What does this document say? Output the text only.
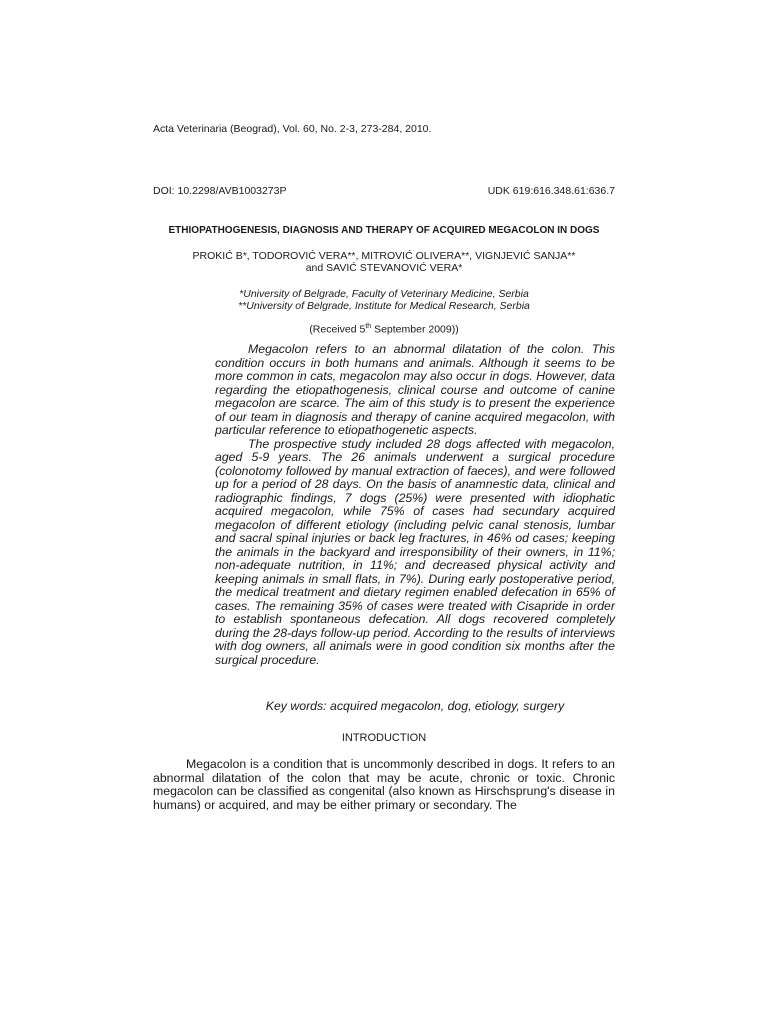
Acta Veterinaria (Beograd), Vol. 60, No. 2-3, 273-284, 2010.
DOI: 10.2298/AVB1003273P	UDK 619:616.348.61:636.7
ETHIOPATHOGENESIS, DIAGNOSIS AND THERAPY OF ACQUIRED MEGACOLON IN DOGS
PROKIĆ B*, TODOROVIĆ VERA**, MITROVIĆ OLIVERA**, VIGNJEVIĆ SANJA**
and SAVIĆ STEVANOVIĆ VERA*
*University of Belgrade, Faculty of Veterinary Medicine, Serbia
**University of Belgrade, Institute for Medical Research, Serbia
(Received 5th September 2009))

Megacolon refers to an abnormal dilatation of the colon. This condition occurs in both humans and animals. Although it seems to be more common in cats, megacolon may also occur in dogs. However, data regarding the etiopathogenesis, clinical course and outcome of canine megacolon are scarce. The aim of this study is to present the experience of our team in diagnosis and therapy of canine acquired megacolon, with particular reference to etiopathogenetic aspects.

The prospective study included 28 dogs affected with megacolon, aged 5-9 years. The 26 animals underwent a surgical procedure (colonotomy followed by manual extraction of faeces), and were followed up for a period of 28 days. On the basis of anamnestic data, clinical and radiographic findings, 7 dogs (25%) were presented with idiophatic acquired megacolon, while 75% of cases had secundary acquired megacolon of different etiology (including pelvic canal stenosis, lumbar and sacral spinal injuries or back leg fractures, in 46% od cases; keeping the animals in the backyard and irresponsibility of their owners, in 11%; non-adequate nutrition, in 11%; and decreased physical activity and keeping animals in small flats, in 7%). During early postoperative period, the medical treatment and dietary regimen enabled defecation in 65% of cases. The remaining 35% of cases were treated with Cisapride in order to establish spontaneous defecation. All dogs recovered completely during the 28-days follow-up period. According to the results of interviews with dog owners, all animals were in good condition six months after the surgical procedure.

Key words: acquired megacolon, dog, etiology, surgery
INTRODUCTION

Megacolon is a condition that is uncommonly described in dogs. It refers to an abnormal dilatation of the colon that may be acute, chronic or toxic. Chronic megacolon can be classified as congenital (also known as Hirschsprung's disease in humans) or acquired, and may be either primary or secondary. The
